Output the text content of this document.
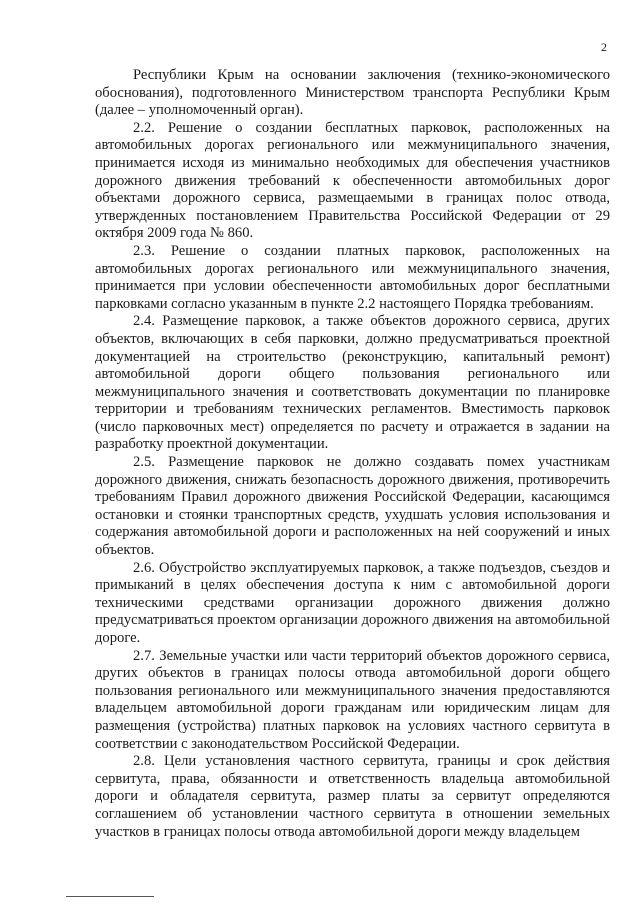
2

Республики Крым на основании заключения (технико-экономического обоснования), подготовленного Министерством транспорта Республики Крым (далее – уполномоченный орган).

2.2. Решение о создании бесплатных парковок, расположенных на автомобильных дорогах регионального или межмуниципального значения, принимается исходя из минимально необходимых для обеспечения участников дорожного движения требований к обеспеченности автомобильных дорог объектами дорожного сервиса, размещаемыми в границах полос отвода, утвержденных постановлением Правительства Российской Федерации от 29 октября 2009 года № 860.

2.3. Решение о создании платных парковок, расположенных на автомобильных дорогах регионального или межмуниципального значения, принимается при условии обеспеченности автомобильных дорог бесплатными парковками согласно указанным в пункте 2.2 настоящего Порядка требованиям.

2.4. Размещение парковок, а также объектов дорожного сервиса, других объектов, включающих в себя парковки, должно предусматриваться проектной документацией на строительство (реконструкцию, капитальный ремонт) автомобильной дороги общего пользования регионального или межмуниципального значения и соответствовать документации по планировке территории и требованиям технических регламентов. Вместимость парковок (число парковочных мест) определяется по расчету и отражается в задании на разработку проектной документации.

2.5. Размещение парковок не должно создавать помех участникам дорожного движения, снижать безопасность дорожного движения, противоречить требованиям Правил дорожного движения Российской Федерации, касающимся остановки и стоянки транспортных средств, ухудшать условия использования и содержания автомобильной дороги и расположенных на ней сооружений и иных объектов.

2.6. Обустройство эксплуатируемых парковок, а также подъездов, съездов и примыканий в целях обеспечения доступа к ним с автомобильной дороги техническими средствами организации дорожного движения должно предусматриваться проектом организации дорожного движения на автомобильной дороге.

2.7. Земельные участки или части территорий объектов дорожного сервиса, других объектов в границах полосы отвода автомобильной дороги общего пользования регионального или межмуниципального значения предоставляются владельцем автомобильной дороги гражданам или юридическим лицам для размещения (устройства) платных парковок на условиях частного сервитута в соответствии с законодательством Российской Федерации.

2.8. Цели установления частного сервитута, границы и срок действия сервитута, права, обязанности и ответственность владельца автомобильной дороги и обладателя сервитута, размер платы за сервитут определяются соглашением об установлении частного сервитута в отношении земельных участков в границах полосы отвода автомобильной дороги между владельцем
